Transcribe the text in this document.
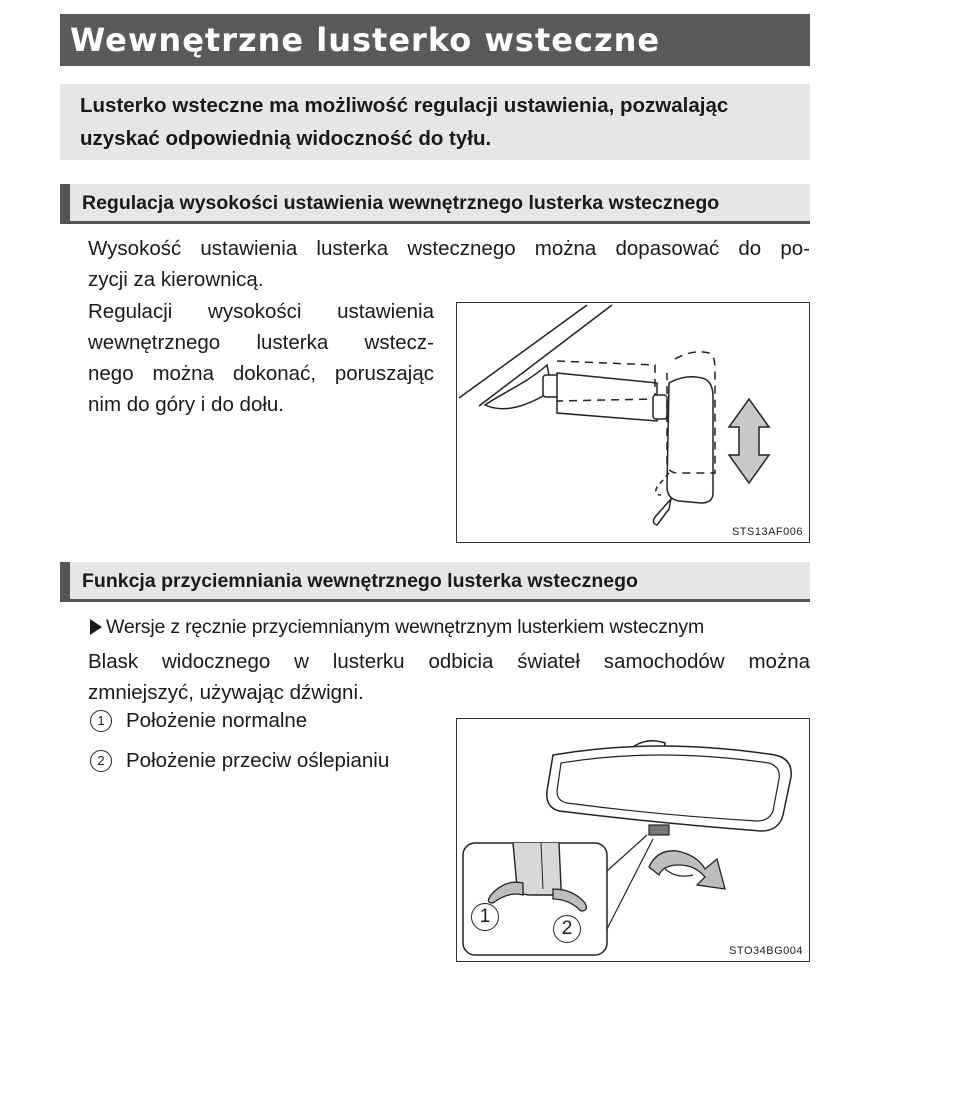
Wewnętrzne lusterko wsteczne
Lusterko wsteczne ma możliwość regulacji ustawienia, pozwalając
uzyskać odpowiednią widoczność do tyłu.
Regulacja wysokości ustawienia wewnętrznego lusterka wstecznego
Wysokość ustawienia lusterka wstecznego można dopasować do po-
zycji za kierownicą.
Regulacji wysokości ustawienia
wewnętrznego lusterka wstecz-
nego można dokonać, poruszając
nim do góry i do dołu.
STS13AF006
Funkcja przyciemniania wewnętrznego lusterka wstecznego
Wersje z ręcznie przyciemnianym wewnętrznym lusterkiem wstecznym
Blask widocznego w lusterku odbicia świateł samochodów można
zmniejszyć, używając dźwigni.
1	Położenie normalne
2	Położenie przeciw oślepianiu
1
2
STO34BG004
